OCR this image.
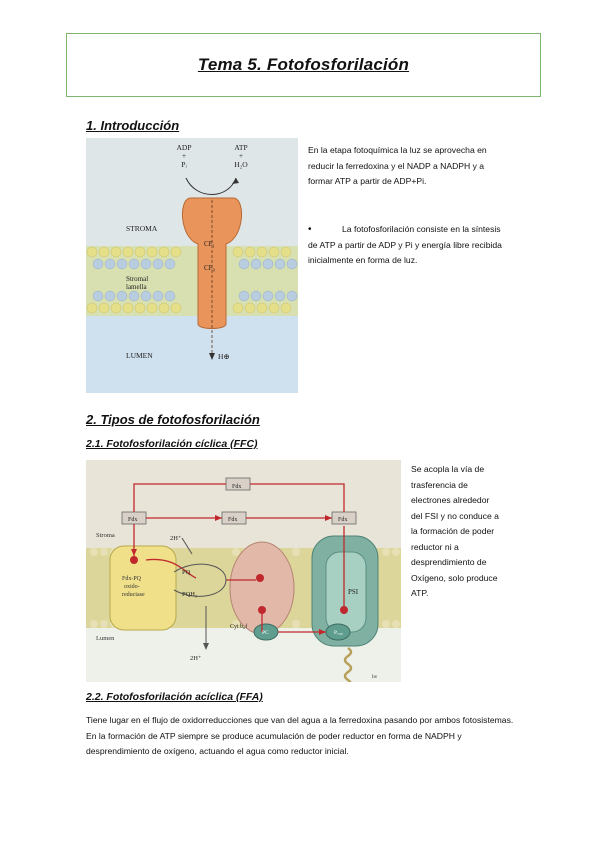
Tema 5. Fotofosforilación
1. Introducción
ADP
+
Pᵢ
ATP
+
H₂O
STROMA
CF₁
CF₀
Stromal
lamella
LUMEN	H⊕
En la etapa fotoquímica la luz se aprovecha en reducir la ferredoxina y el NADP a NADPH y a formar ATP a partir de ADP+Pi.
•	La fotofosforilación consiste en la síntesis de ATP a partir de ADP y Pi y energía libre recibida inicialmente en forma de luz.
2. Tipos de fotofosforilación
2.1. Fotofosforilación cíclica (FFC)
Fdx
Fdx	Fdx	Fdx
Stroma	2H⁺
PQ
PQH₂
Fdx-PQ
oxido-
reductase
Cyt b₆f
PC	P₇₀₀
PSI
Lumen
2H⁺
hν
Se acopla la vía de trasferencia de electrones alrededor del FSI y no conduce a la formación de poder reductor ni a desprendimiento de Oxígeno, solo produce ATP.
2.2. Fotofosforilación acíclica (FFA)
Tiene lugar en el flujo de oxidorreducciones que van del agua a la ferredoxina pasando por ambos fotosistemas. En la formación de ATP siempre se produce acumulación de poder reductor en forma de NADPH y desprendimiento de oxígeno, actuando el agua como reductor inicial.
